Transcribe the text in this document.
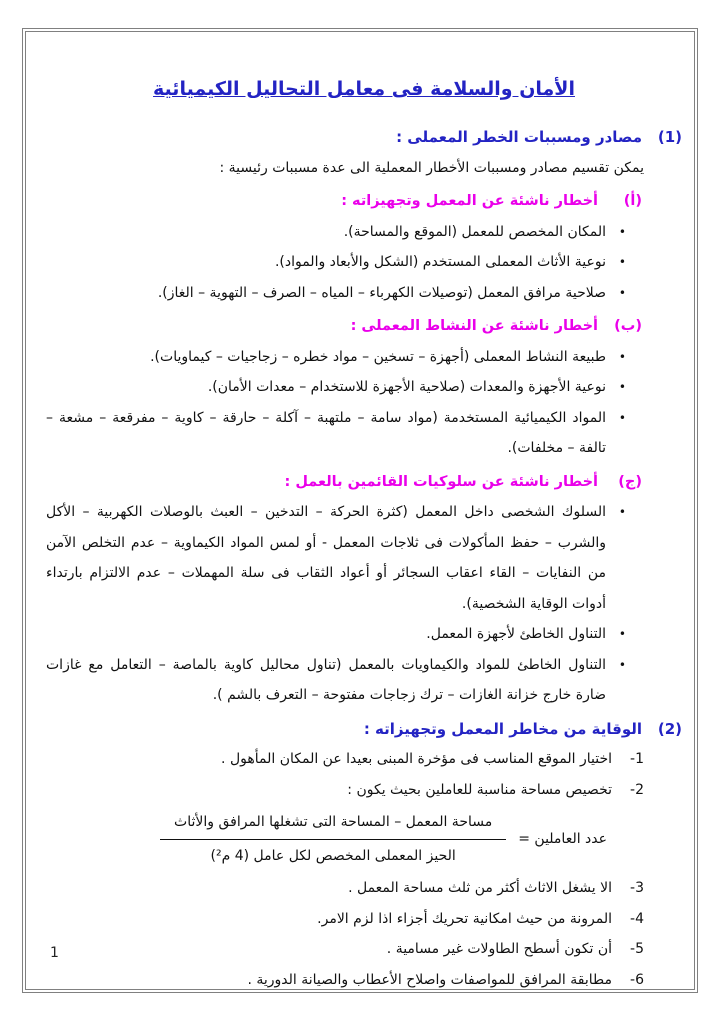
الأمان والسلامة فى معامل التحاليل الكيميائية
(1)
مصادر ومسببات الخطر المعملى :
يمكن تقسيم مصادر ومسببات الأخطار المعملية الى عدة مسببات رئيسية :
(أ)
أخطار ناشئة عن المعمل وتجهيزاته :
•
المكان المخصص للمعمل (الموقع والمساحة).
•
نوعية الأثاث المعملى المستخدم (الشكل والأبعاد والمواد).
•
صلاحية مرافق المعمل (توصيلات الكهرباء – المياه – الصرف – التهوية – الغاز).
(ب)
أخطار ناشئة عن النشاط المعملى :
•
طبيعة النشاط المعملى (أجهزة – تسخين – مواد خطره – زجاجيات – كيماويات).
•
نوعية الأجهزة والمعدات (صلاحية الأجهزة للاستخدام – معدات الأمان).
•
المواد الكيميائية المستخدمة (مواد سامة – ملتهبة – آكلة – حارقة – كاوية – مفرقعة – مشعة – تالفة – مخلفات).
(ج)
أخطار ناشئة عن سلوكيات القائمين بالعمل :
•
السلوك الشخصى داخل المعمل (كثرة الحركة – التدخين – العبث بالوصلات الكهربية – الأكل والشرب – حفظ المأكولات فى ثلاجات المعمل - أو لمس المواد الكيماوية – عدم التخلص الآمن من النفايات – القاء اعقاب السجائر أو أعواد الثقاب فى سلة المهملات – عدم الالتزام بارتداء أدوات الوقاية الشخصية).
•
التناول الخاطئ لأجهزة المعمل.
•
التناول الخاطئ للمواد والكيماويات بالمعمل (تناول محاليل كاوية بالماصة – التعامل مع غازات ضارة خارج خزانة الغازات – ترك زجاجات مفتوحة – التعرف بالشم ).
(2)
الوقاية من مخاطر المعمل وتجهيزاته :
1-
اختيار الموقع المناسب فى مؤخرة المبنى بعيدا عن المكان المأهول .
2-
تخصيص مساحة مناسبة للعاملين بحيث يكون :
عدد العاملين =
$\frac{\text{مساحة المعمل – المساحة التى تشغلها المرافق والأثاث}}{\text{الحيز المعملى المخصص لكل عامل (4 م²)}}$
3-
الا يشغل الاثاث أكثر من ثلث مساحة المعمل .
4-
المرونة من حيث امكانية تحريك أجزاء اذا لزم الامر.
5-
أن تكون أسطح الطاولات غير مسامية .
6-
مطابقة المرافق للمواصفات واصلاح الأعطاب والصيانة الدورية .
1
